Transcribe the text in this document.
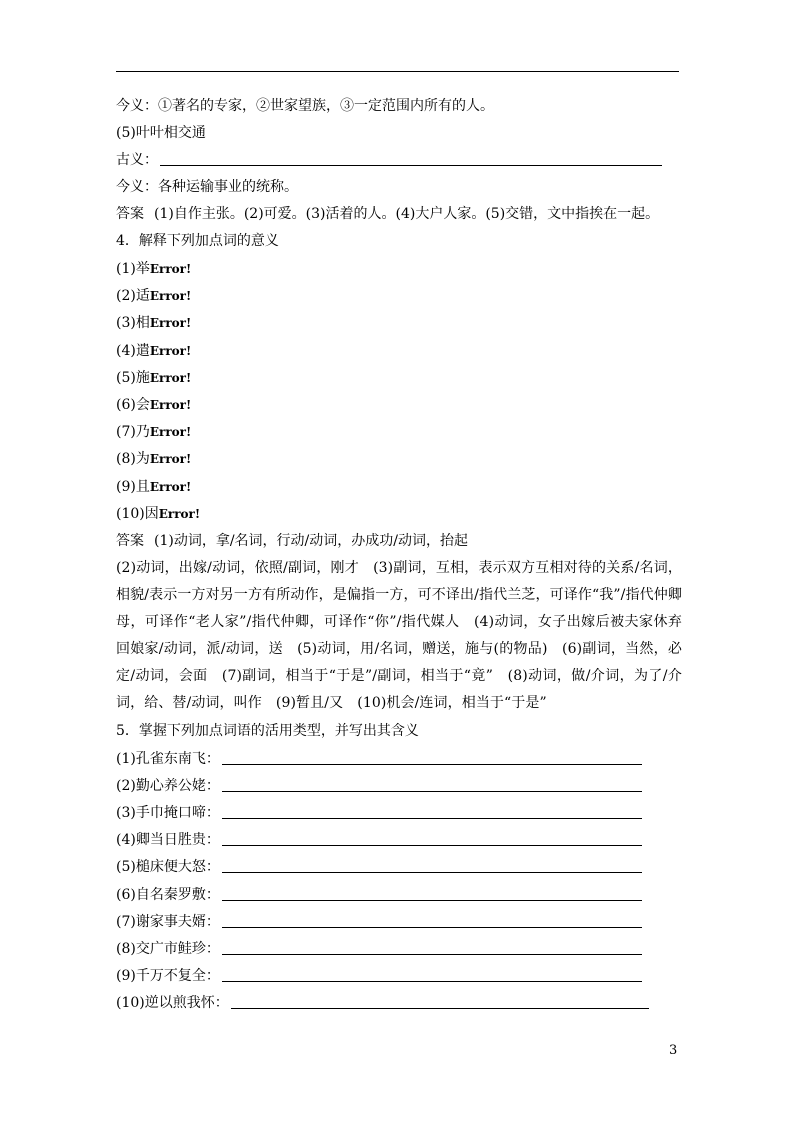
今义：①著名的专家，②世家望族，③一定范围内所有的人。
(5)叶叶相交通
古义：
今义：各种运输事业的统称。
答案 (1)自作主张。(2)可爱。(3)活着的人。(4)大户人家。(5)交错，文中指挨在一起。
4．解释下列加点词的意义
(1)举Error!
(2)适Error!
(3)相Error!
(4)遣Error!
(5)施Error!
(6)会Error!
(7)乃Error!
(8)为Error!
(9)且Error!
(10)因Error!
答案 (1)动词，拿/名词，行动/动词，办成功/动词，抬起
(2)动词，出嫁/动词，依照/副词，刚才　(3)副词，互相，表示双方互相对待的关系/名词，相貌/表示一方对另一方有所动作，是偏指一方，可不译出/指代兰芝，可译作“我”/指代仲卿母，可译作“老人家”/指代仲卿，可译作“你”/指代媒人　(4)动词，女子出嫁后被夫家休弃回娘家/动词，派/动词，送　(5)动词，用/名词，赠送，施与(的物品)　(6)副词，当然，必定/动词，会面　(7)副词，相当于“于是”/副词，相当于“竟”　(8)动词，做/介词，为了/介词，给、替/动词，叫作　(9)暂且/又　(10)机会/连词，相当于“于是”
5．掌握下列加点词语的活用类型，并写出其含义
(1)孔雀东南飞：
(2)勤心养公姥：
(3)手巾掩口啼：
(4)卿当日胜贵：
(5)槌床便大怒：
(6)自名秦罗敷：
(7)谢家事夫婿：
(8)交广市鲑珍：
(9)千万不复全：
(10)逆以煎我怀：
3
